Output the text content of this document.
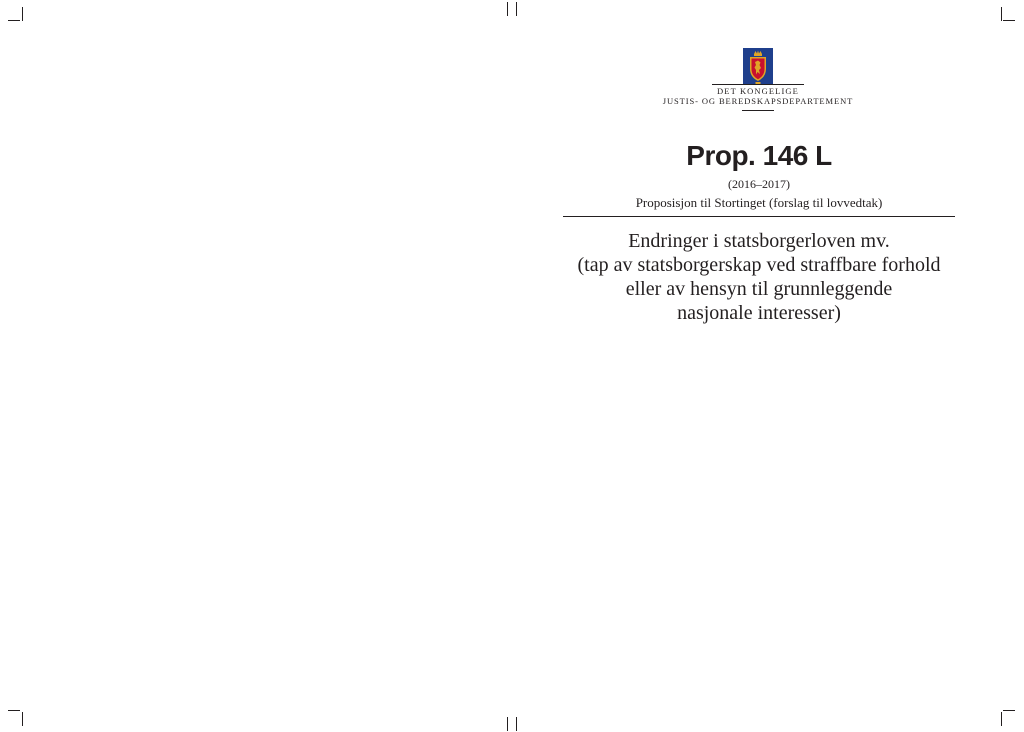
DET KONGELIGE
JUSTIS- OG BEREDSKAPSDEPARTEMENT
Prop. 146 L
(2016–2017)
Proposisjon til Stortinget (forslag til lovvedtak)
Endringer i statsborgerloven mv.
(tap av statsborgerskap ved straffbare forhold
eller av hensyn til grunnleggende
nasjonale interesser)
